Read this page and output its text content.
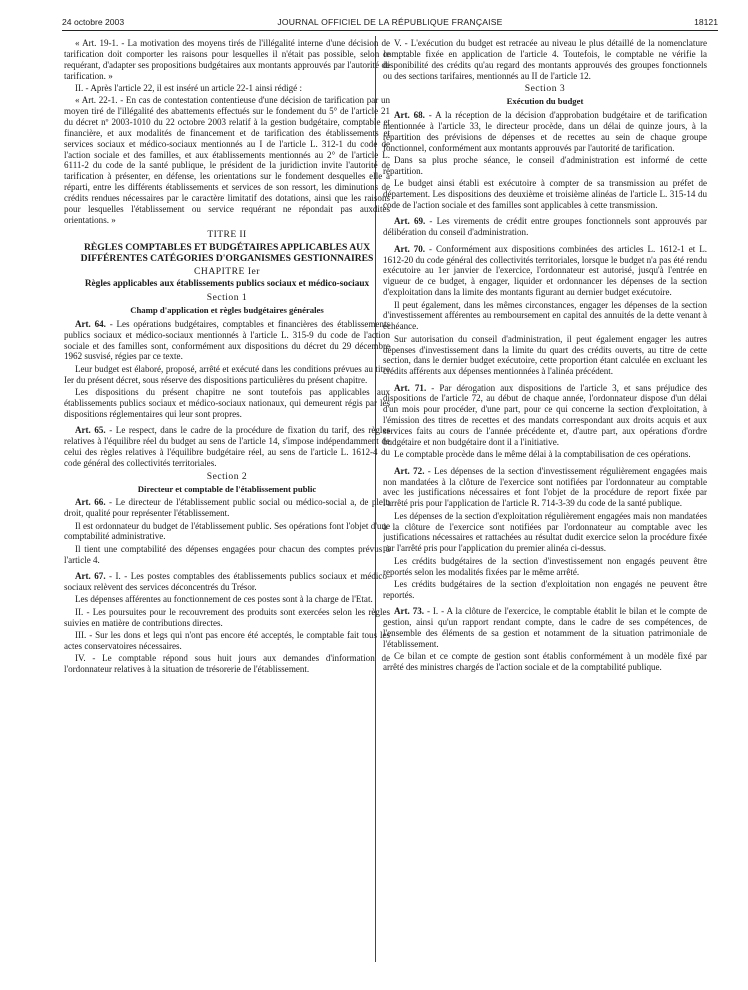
24 octobre 2003	JOURNAL OFFICIEL DE LA RÉPUBLIQUE FRANÇAISE	18121

« Art. 19-1. - La motivation des moyens tirés de l'illégalité interne d'une décision de tarification doit comporter les raisons pour lesquelles il n'était pas possible, selon le requérant, d'adapter ses propositions budgétaires aux montants approuvés par l'autorité de tarification. »

II. - Après l'article 22, il est inséré un article 22-1 ainsi rédigé :

« Art. 22-1. - En cas de contestation contentieuse d'une décision de tarification par un moyen tiré de l'illégalité des abattements effectués sur le fondement du 5° de l'article 21 du décret nº 2003-1010 du 22 octobre 2003 relatif à la gestion budgétaire, comptable et financière, et aux modalités de financement et de tarification des établissements et services sociaux et médico-sociaux mentionnés au I de l'article L. 312-1 du code de l'action sociale et des familles, et aux établissements mentionnés au 2° de l'article L. 6111-2 du code de la santé publique, le président de la juridiction invite l'autorité de tarification à présenter, en défense, les orientations sur le fondement desquelles elle a réparti, entre les différents établissements et services de son ressort, les diminutions de crédits rendues nécessaires par le caractère limitatif des dotations, ainsi que les raisons pour lesquelles l'établissement ou service requérant ne répondait pas auxdites orientations. »

TITRE II
RÈGLES COMPTABLES ET BUDGÉTAIRES APPLICABLES AUX DIFFÉRENTES CATÉGORIES D'ORGANISMES GESTIONNAIRES
CHAPITRE Ier
Règles applicables aux établissements publics sociaux et médico-sociaux
Section 1
Champ d'application et règles budgétaires générales

Art. 64. - Les opérations budgétaires, comptables et financières des établissements publics sociaux et médico-sociaux mentionnés à l'article L. 315-9 du code de l'action sociale et des familles sont, conformément aux dispositions du décret du 29 décembre 1962 susvisé, régies par ce texte.

Leur budget est élaboré, proposé, arrêté et exécuté dans les conditions prévues au titre Ier du présent décret, sous réserve des dispositions particulières du présent chapitre.

Les dispositions du présent chapitre ne sont toutefois pas applicables aux établissements publics sociaux et médico-sociaux nationaux, qui demeurent régis par les dispositions réglementaires qui leur sont propres.

Art. 65. - Le respect, dans le cadre de la procédure de fixation du tarif, des règles relatives à l'équilibre réel du budget au sens de l'article 14, s'impose indépendamment de celui des règles relatives à l'équilibre budgétaire réel, au sens de l'article L. 1612-4 du code général des collectivités territoriales.

Section 2
Directeur et comptable de l'établissement public

Art. 66. - Le directeur de l'établissement public social ou médico-social a, de plein droit, qualité pour représenter l'établissement.

Il est ordonnateur du budget de l'établissement public. Ses opérations font l'objet d'une comptabilité administrative.

Il tient une comptabilité des dépenses engagées pour chacun des comptes prévus à l'article 4.

Art. 67. - I. - Les postes comptables des établissements publics sociaux et médico-sociaux relèvent des services déconcentrés du Trésor.

Les dépenses afférentes au fonctionnement de ces postes sont à la charge de l'Etat.

II. - Les poursuites pour le recouvrement des produits sont exercées selon les règles suivies en matière de contributions directes.

III. - Sur les dons et legs qui n'ont pas encore été acceptés, le comptable fait tous les actes conservatoires nécessaires.

IV. - Le comptable répond sous huit jours aux demandes d'information de l'ordonnateur relatives à la situation de trésorerie de l'établissement.

V. - L'exécution du budget est retracée au niveau le plus détaillé de la nomenclature comptable fixée en application de l'article 4. Toutefois, le comptable ne vérifie la disponibilité des crédits qu'au regard des montants approuvés des groupes fonctionnels ou des sections tarifaires, mentionnés au II de l'article 12.

Section 3
Exécution du budget

Art. 68. - A la réception de la décision d'approbation budgétaire et de tarification mentionnée à l'article 33, le directeur procède, dans un délai de quinze jours, à la répartition des prévisions de dépenses et de recettes au sein de chaque groupe fonctionnel, conformément aux montants approuvés par l'autorité de tarification.

Dans sa plus proche séance, le conseil d'administration est informé de cette répartition.

Le budget ainsi établi est exécutoire à compter de sa transmission au préfet de département. Les dispositions des deuxième et troisième alinéas de l'article L. 315-14 du code de l'action sociale et des familles sont applicables à cette transmission.

Art. 69. - Les virements de crédit entre groupes fonctionnels sont approuvés par délibération du conseil d'administration.

Art. 70. - Conformément aux dispositions combinées des articles L. 1612-1 et L. 1612-20 du code général des collectivités territoriales, lorsque le budget n'a pas été rendu exécutoire au 1er janvier de l'exercice, l'ordonnateur est autorisé, jusqu'à l'entrée en vigueur de ce budget, à engager, liquider et ordonnancer les dépenses de la section d'exploitation dans la limite des montants figurant au dernier budget exécutoire.

Il peut également, dans les mêmes circonstances, engager les dépenses de la section d'investissement afférentes au remboursement en capital des annuités de la dette venant à échéance.

Sur autorisation du conseil d'administration, il peut également engager les autres dépenses d'investissement dans la limite du quart des crédits ouverts, au titre de cette section, dans le dernier budget exécutoire, cette proportion étant calculée en excluant les crédits afférents aux dépenses mentionnées à l'alinéa précédent.

Art. 71. - Par dérogation aux dispositions de l'article 3, et sans préjudice des dispositions de l'article 72, au début de chaque année, l'ordonnateur dispose d'un délai d'un mois pour procéder, d'une part, pour ce qui concerne la section d'exploitation, à l'émission des titres de recettes et des mandats correspondant aux droits acquis et aux services faits au cours de l'année précédente et, d'autre part, aux opérations d'ordre budgétaire et non budgétaire dont il a l'initiative.

Le comptable procède dans le même délai à la comptabilisation de ces opérations.

Art. 72. - Les dépenses de la section d'investissement régulièrement engagées mais non mandatées à la clôture de l'exercice sont notifiées par l'ordonnateur au comptable avec les justifications nécessaires et font l'objet de la procédure de report fixée par l'arrêté pris pour l'application de l'article R. 714-3-39 du code de la santé publique.

Les dépenses de la section d'exploitation régulièrement engagées mais non mandatées à la clôture de l'exercice sont notifiées par l'ordonnateur au comptable avec les justifications nécessaires et rattachées au résultat dudit exercice selon la procédure fixée par l'arrêté pris pour l'application du premier alinéa ci-dessus.

Les crédits budgétaires de la section d'investissement non engagés peuvent être reportés selon les modalités fixées par le même arrêté.

Les crédits budgétaires de la section d'exploitation non engagés ne peuvent être reportés.

Art. 73. - I. - A la clôture de l'exercice, le comptable établit le bilan et le compte de gestion, ainsi qu'un rapport rendant compte, dans le cadre de ses compétences, de l'ensemble des éléments de sa gestion et notamment de la situation patrimoniale de l'établissement.

Ce bilan et ce compte de gestion sont établis conformément à un modèle fixé par arrêté des ministres chargés de l'action sociale et de la comptabilité publique.
